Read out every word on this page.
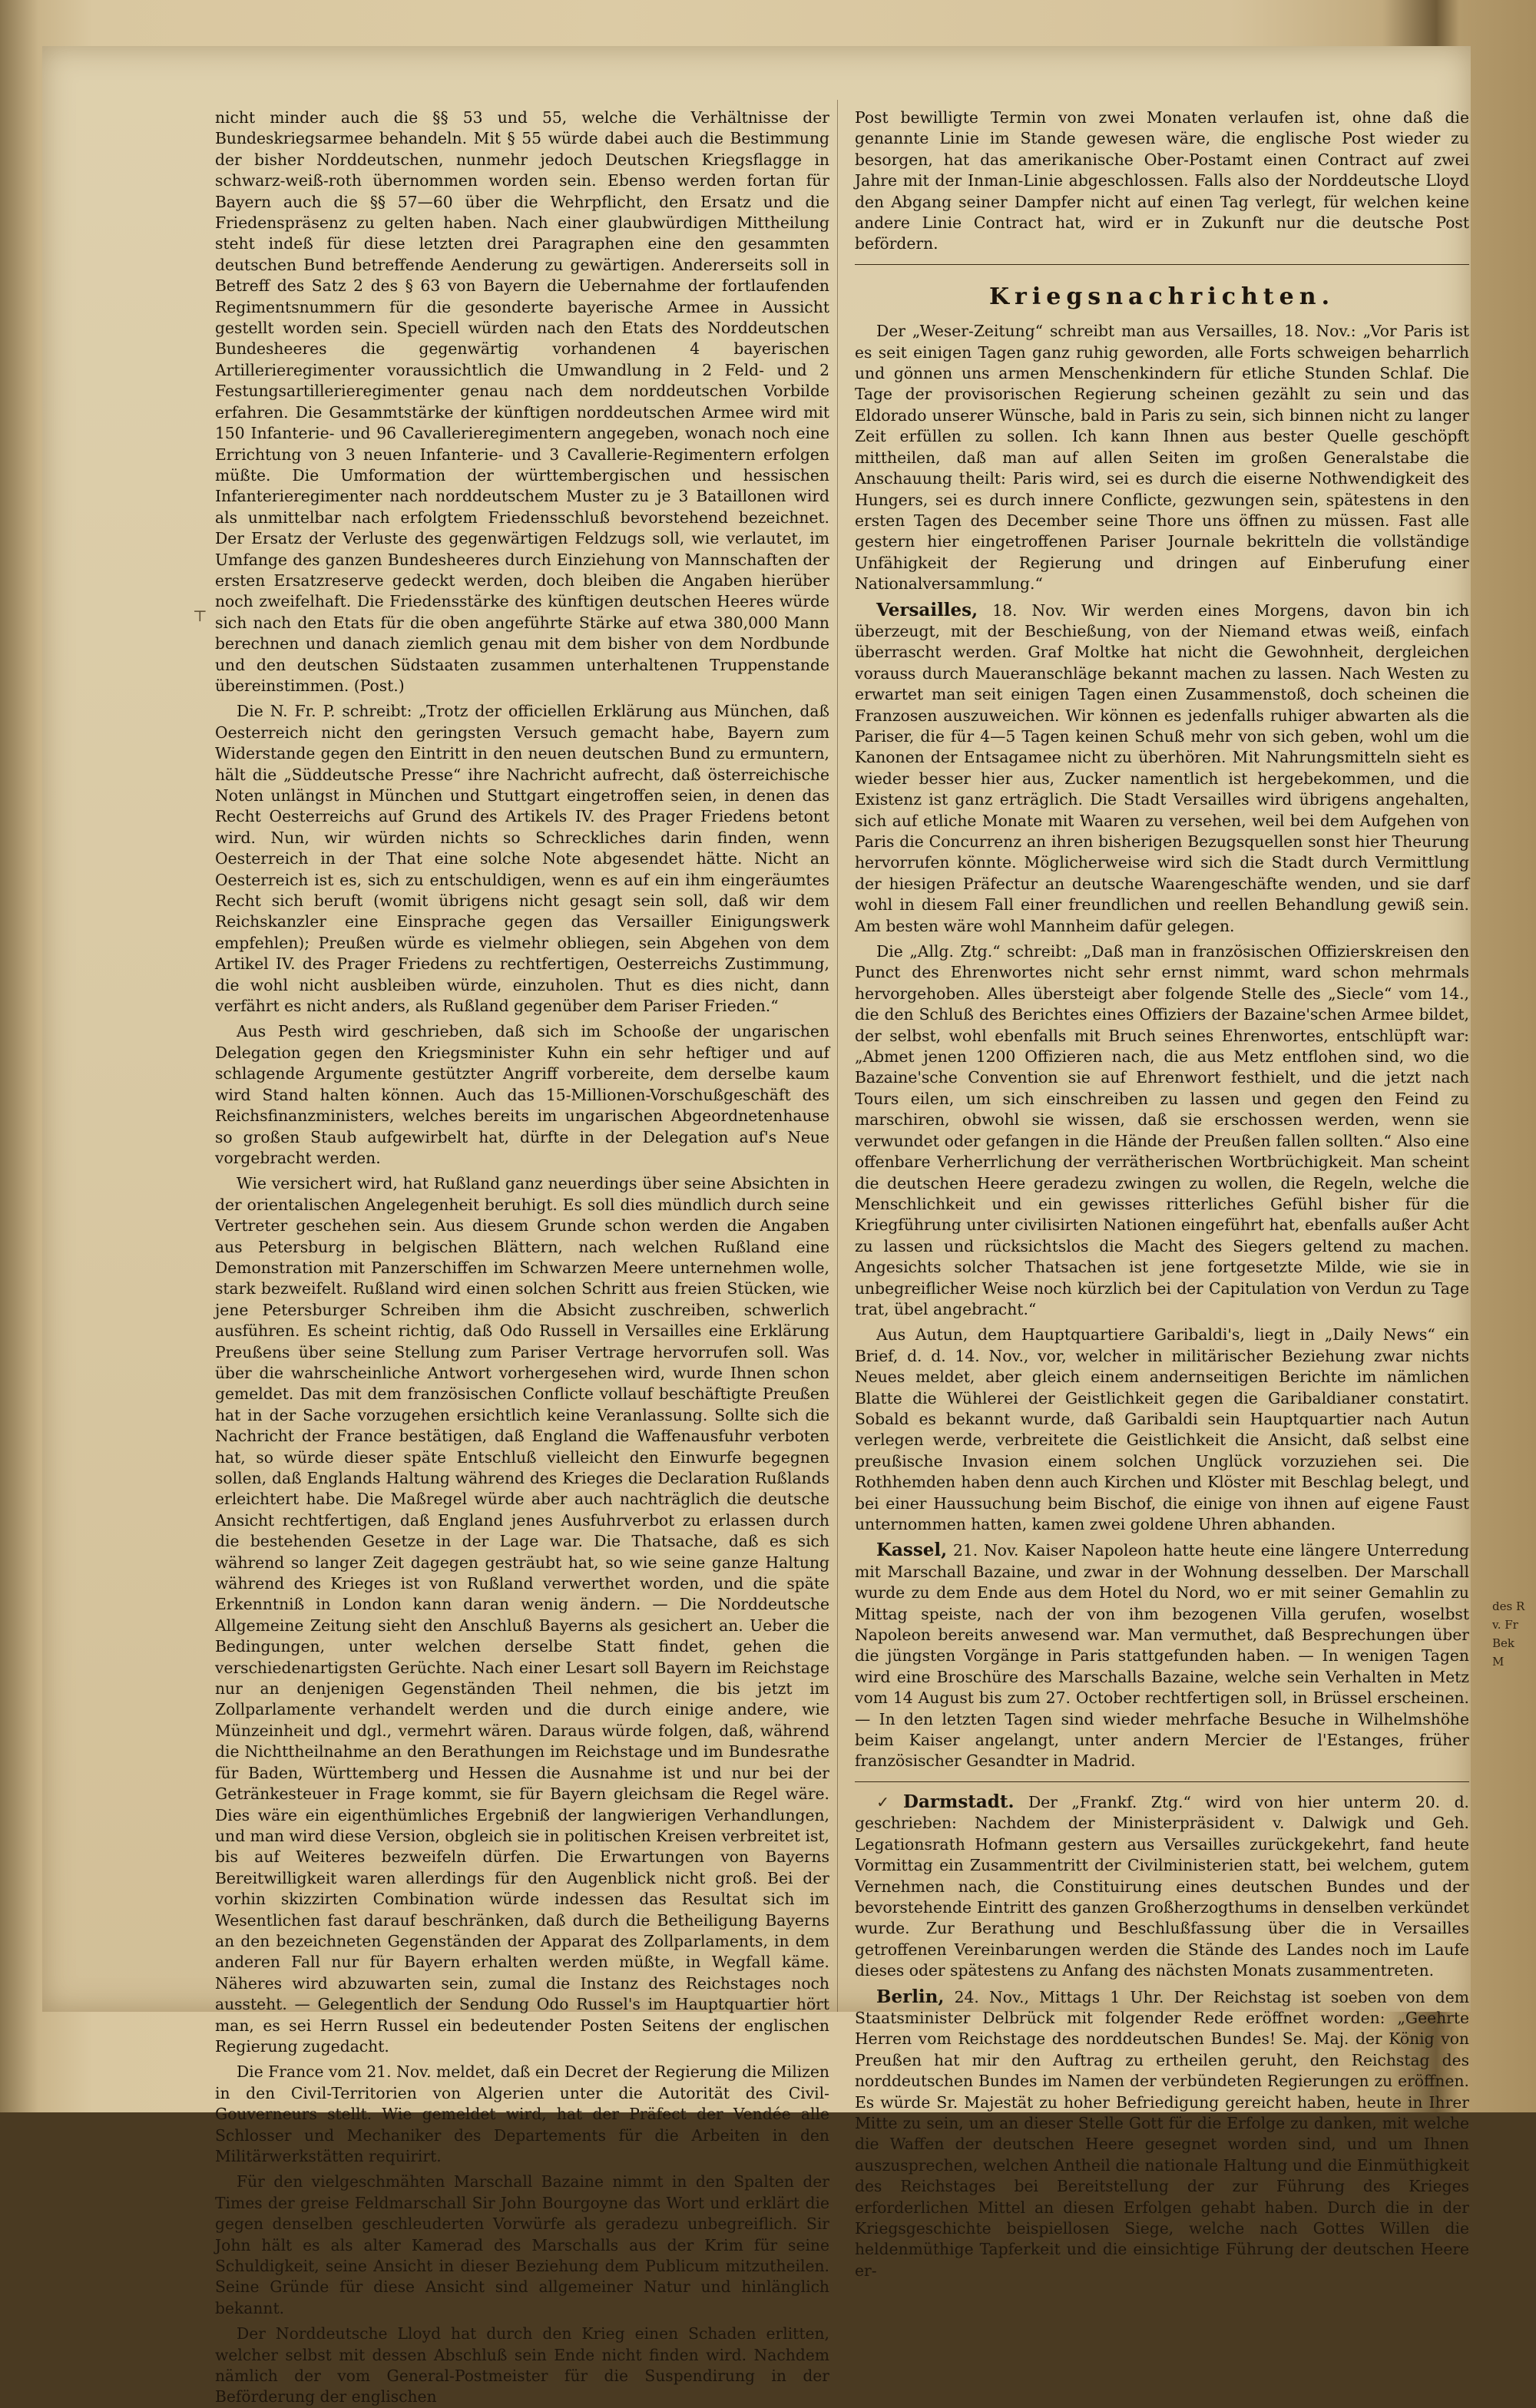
⊤

nicht minder auch die §§ 53 und 55, welche die Verhältnisse der Bundeskriegsarmee behandeln. Mit § 55 würde dabei auch die Bestimmung der bisher Norddeutschen, nunmehr jedoch Deutschen Kriegsflagge in schwarz-weiß-roth übernommen worden sein. Ebenso werden fortan für Bayern auch die §§ 57—60 über die Wehrpflicht, den Ersatz und die Friedenspräsenz zu gelten haben. Nach einer glaubwürdigen Mittheilung steht indeß für diese letzten drei Paragraphen eine den gesammten deutschen Bund betreffende Aenderung zu gewärtigen. Andererseits soll in Betreff des Satz 2 des § 63 von Bayern die Uebernahme der fortlaufenden Regimentsnummern für die gesonderte bayerische Armee in Aussicht gestellt worden sein. Speciell würden nach den Etats des Norddeutschen Bundesheeres die gegenwärtig vorhandenen 4 bayerischen Artillerieregimenter voraussichtlich die Umwandlung in 2 Feld- und 2 Festungsartillerieregimenter genau nach dem norddeutschen Vorbilde erfahren. Die Gesammtstärke der künftigen norddeutschen Armee wird mit 150 Infanterie- und 96 Cavallerieregimentern angegeben, wonach noch eine Errichtung von 3 neuen Infanterie- und 3 Cavallerie-Regimentern erfolgen müßte. Die Umformation der württembergischen und hessischen Infanterieregimenter nach norddeutschem Muster zu je 3 Bataillonen wird als unmittelbar nach erfolgtem Friedensschluß bevorstehend bezeichnet. Der Ersatz der Verluste des gegenwärtigen Feldzugs soll, wie verlautet, im Umfange des ganzen Bundesheeres durch Einziehung von Mannschaften der ersten Ersatzreserve gedeckt werden, doch bleiben die Angaben hierüber noch zweifelhaft. Die Friedensstärke des künftigen deutschen Heeres würde sich nach den Etats für die oben angeführte Stärke auf etwa 380,000 Mann berechnen und danach ziemlich genau mit dem bisher von dem Nordbunde und den deutschen Südstaaten zusammen unterhaltenen Truppenstande übereinstimmen. (Post.)

Die N. Fr. P. schreibt: „Trotz der officiellen Erklärung aus München, daß Oesterreich nicht den geringsten Versuch gemacht habe, Bayern zum Widerstande gegen den Eintritt in den neuen deutschen Bund zu ermuntern, hält die „Süddeutsche Presse“ ihre Nachricht aufrecht, daß österreichische Noten unlängst in München und Stuttgart eingetroffen seien, in denen das Recht Oesterreichs auf Grund des Artikels IV. des Prager Friedens betont wird. Nun, wir würden nichts so Schreckliches darin finden, wenn Oesterreich in der That eine solche Note abgesendet hätte. Nicht an Oesterreich ist es, sich zu entschuldigen, wenn es auf ein ihm eingeräumtes Recht sich beruft (womit übrigens nicht gesagt sein soll, daß wir dem Reichskanzler eine Einsprache gegen das Versailler Einigungswerk empfehlen); Preußen würde es vielmehr obliegen, sein Abgehen von dem Artikel IV. des Prager Friedens zu rechtfertigen, Oesterreichs Zustimmung, die wohl nicht ausbleiben würde, einzuholen. Thut es dies nicht, dann verfährt es nicht anders, als Rußland gegenüber dem Pariser Frieden.“

Aus Pesth wird geschrieben, daß sich im Schooße der ungarischen Delegation gegen den Kriegsminister Kuhn ein sehr heftiger und auf schlagende Argumente gestützter Angriff vorbereite, dem derselbe kaum wird Stand halten können. Auch das 15-Millionen-Vorschußgeschäft des Reichsfinanzministers, welches bereits im ungarischen Abgeordnetenhause so großen Staub aufgewirbelt hat, dürfte in der Delegation auf's Neue vorgebracht werden.

Wie versichert wird, hat Rußland ganz neuerdings über seine Absichten in der orientalischen Angelegenheit beruhigt. Es soll dies mündlich durch seine Vertreter geschehen sein. Aus diesem Grunde schon werden die Angaben aus Petersburg in belgischen Blättern, nach welchen Rußland eine Demonstration mit Panzerschiffen im Schwarzen Meere unternehmen wolle, stark bezweifelt. Rußland wird einen solchen Schritt aus freien Stücken, wie jene Petersburger Schreiben ihm die Absicht zuschreiben, schwerlich ausführen. Es scheint richtig, daß Odo Russell in Versailles eine Erklärung Preußens über seine Stellung zum Pariser Vertrage hervorrufen soll. Was über die wahrscheinliche Antwort vorhergesehen wird, wurde Ihnen schon gemeldet. Das mit dem französischen Conflicte vollauf beschäftigte Preußen hat in der Sache vorzugehen ersichtlich keine Veranlassung. Sollte sich die Nachricht der France bestätigen, daß England die Waffenausfuhr verboten hat, so würde dieser späte Entschluß vielleicht den Einwurfe begegnen sollen, daß Englands Haltung während des Krieges die Declaration Rußlands erleichtert habe. Die Maßregel würde aber auch nachträglich die deutsche Ansicht rechtfertigen, daß England jenes Ausfuhrverbot zu erlassen durch die bestehenden Gesetze in der Lage war. Die Thatsache, daß es sich während so langer Zeit dagegen gesträubt hat, so wie seine ganze Haltung während des Krieges ist von Rußland verwerthet worden, und die späte Erkenntniß in London kann daran wenig ändern. — Die Norddeutsche Allgemeine Zeitung sieht den Anschluß Bayerns als gesichert an. Ueber die Bedingungen, unter welchen derselbe Statt findet, gehen die verschiedenartigsten Gerüchte. Nach einer Lesart soll Bayern im Reichstage nur an denjenigen Gegenständen Theil nehmen, die bis jetzt im Zollparlamente verhandelt werden und die durch einige andere, wie Münzeinheit und dgl., vermehrt wären. Daraus würde folgen, daß, während die Nichttheilnahme an den Berathungen im Reichstage und im Bundesrathe für Baden, Württemberg und Hessen die Ausnahme ist und nur bei der Getränkesteuer in Frage kommt, sie für Bayern gleichsam die Regel wäre. Dies wäre ein eigenthümliches Ergebniß der langwierigen Verhandlungen, und man wird diese Version, obgleich sie in politischen Kreisen verbreitet ist, bis auf Weiteres bezweifeln dürfen. Die Erwartungen von Bayerns Bereitwilligkeit waren allerdings für den Augenblick nicht groß. Bei der vorhin skizzirten Combination würde indessen das Resultat sich im Wesentlichen fast darauf beschränken, daß durch die Betheiligung Bayerns an den bezeichneten Gegenständen der Apparat des Zollparlaments, in dem anderen Fall nur für Bayern erhalten werden müßte, in Wegfall käme. Näheres wird abzuwarten sein, zumal die Instanz des Reichstages noch aussteht. — Gelegentlich der Sendung Odo Russel's im Hauptquartier hört man, es sei Herrn Russel ein bedeutender Posten Seitens der englischen Regierung zugedacht.

Die France vom 21. Nov. meldet, daß ein Decret der Regierung die Milizen in den Civil-Territorien von Algerien unter die Autorität des Civil-Gouverneurs stellt. Wie gemeldet wird, hat der Präfect der Vendée alle Schlosser und Mechaniker des Departements für die Arbeiten in den Militärwerkstätten requirirt.

Für den vielgeschmähten Marschall Bazaine nimmt in den Spalten der Times der greise Feldmarschall Sir John Bourgoyne das Wort und erklärt die gegen denselben geschleuderten Vorwürfe als geradezu unbegreiflich. Sir John hält es als alter Kamerad des Marschalls aus der Krim für seine Schuldigkeit, seine Ansicht in dieser Beziehung dem Publicum mitzutheilen. Seine Gründe für diese Ansicht sind allgemeiner Natur und hinlänglich bekannt.

Der Norddeutsche Lloyd hat durch den Krieg einen Schaden erlitten, welcher selbst mit dessen Abschluß sein Ende nicht finden wird. Nachdem nämlich der vom General-Postmeister für die Suspendirung in der Beförderung der englischen

Post bewilligte Termin von zwei Monaten verlaufen ist, ohne daß die genannte Linie im Stande gewesen wäre, die englische Post wieder zu besorgen, hat das amerikanische Ober-Postamt einen Contract auf zwei Jahre mit der Inman-Linie abgeschlossen. Falls also der Norddeutsche Lloyd den Abgang seiner Dampfer nicht auf einen Tag verlegt, für welchen keine andere Linie Contract hat, wird er in Zukunft nur die deutsche Post befördern.

Kriegsnachrichten.

Der „Weser-Zeitung“ schreibt man aus Versailles, 18. Nov.: „Vor Paris ist es seit einigen Tagen ganz ruhig geworden, alle Forts schweigen beharrlich und gönnen uns armen Menschenkindern für etliche Stunden Schlaf. Die Tage der provisorischen Regierung scheinen gezählt zu sein und das Eldorado unserer Wünsche, bald in Paris zu sein, sich binnen nicht zu langer Zeit erfüllen zu sollen. Ich kann Ihnen aus bester Quelle geschöpft mittheilen, daß man auf allen Seiten im großen Generalstabe die Anschauung theilt: Paris wird, sei es durch die eiserne Nothwendigkeit des Hungers, sei es durch innere Conflicte, gezwungen sein, spätestens in den ersten Tagen des December seine Thore uns öffnen zu müssen. Fast alle gestern hier eingetroffenen Pariser Journale bekritteln die vollständige Unfähigkeit der Regierung und dringen auf Einberufung einer Nationalversammlung.“

Versailles, 18. Nov. Wir werden eines Morgens, davon bin ich überzeugt, mit der Beschießung, von der Niemand etwas weiß, einfach überrascht werden. Graf Moltke hat nicht die Gewohnheit, dergleichen vorauss durch Maueranschläge bekannt machen zu lassen. Nach Westen zu erwartet man seit einigen Tagen einen Zusammenstoß, doch scheinen die Franzosen auszuweichen. Wir können es jedenfalls ruhiger abwarten als die Pariser, die für 4—5 Tagen keinen Schuß mehr von sich geben, wohl um die Kanonen der Entsagamee nicht zu überhören. Mit Nahrungsmitteln sieht es wieder besser hier aus, Zucker namentlich ist hergebekommen, und die Existenz ist ganz erträglich. Die Stadt Versailles wird übrigens angehalten, sich auf etliche Monate mit Waaren zu versehen, weil bei dem Aufgehen von Paris die Concurrenz an ihren bisherigen Bezugsquellen sonst hier Theurung hervorrufen könnte. Möglicherweise wird sich die Stadt durch Vermittlung der hiesigen Präfectur an deutsche Waarengeschäfte wenden, und sie darf wohl in diesem Fall einer freundlichen und reellen Behandlung gewiß sein. Am besten wäre wohl Mannheim dafür gelegen.

Die „Allg. Ztg.“ schreibt: „Daß man in französischen Offizierskreisen den Punct des Ehrenwortes nicht sehr ernst nimmt, ward schon mehrmals hervorgehoben. Alles übersteigt aber folgende Stelle des „Siecle“ vom 14., die den Schluß des Berichtes eines Offiziers der Bazaine'schen Armee bildet, der selbst, wohl ebenfalls mit Bruch seines Ehrenwortes, entschlüpft war: „Abmet jenen 1200 Offizieren nach, die aus Metz entflohen sind, wo die Bazaine'sche Convention sie auf Ehrenwort festhielt, und die jetzt nach Tours eilen, um sich einschreiben zu lassen und gegen den Feind zu marschiren, obwohl sie wissen, daß sie erschossen werden, wenn sie verwundet oder gefangen in die Hände der Preußen fallen sollten.“ Also eine offenbare Verherrlichung der verrätherischen Wortbrüchigkeit. Man scheint die deutschen Heere geradezu zwingen zu wollen, die Regeln, welche die Menschlichkeit und ein gewisses ritterliches Gefühl bisher für die Kriegführung unter civilisirten Nationen eingeführt hat, ebenfalls außer Acht zu lassen und rücksichtslos die Macht des Siegers geltend zu machen. Angesichts solcher Thatsachen ist jene fortgesetzte Milde, wie sie in unbegreiflicher Weise noch kürzlich bei der Capitulation von Verdun zu Tage trat, übel angebracht.“

Aus Autun, dem Hauptquartiere Garibaldi's, liegt in „Daily News“ ein Brief, d. d. 14. Nov., vor, welcher in militärischer Beziehung zwar nichts Neues meldet, aber gleich einem andernseitigen Berichte im nämlichen Blatte die Wühlerei der Geistlichkeit gegen die Garibaldianer constatirt. Sobald es bekannt wurde, daß Garibaldi sein Hauptquartier nach Autun verlegen werde, verbreitete die Geistlichkeit die Ansicht, daß selbst eine preußische Invasion einem solchen Unglück vorzuziehen sei. Die Rothhemden haben denn auch Kirchen und Klöster mit Beschlag belegt, und bei einer Haussuchung beim Bischof, die einige von ihnen auf eigene Faust unternommen hatten, kamen zwei goldene Uhren abhanden.

Kassel, 21. Nov. Kaiser Napoleon hatte heute eine längere Unterredung mit Marschall Bazaine, und zwar in der Wohnung desselben. Der Marschall wurde zu dem Ende aus dem Hotel du Nord, wo er mit seiner Gemahlin zu Mittag speiste, nach der von ihm bezogenen Villa gerufen, woselbst Napoleon bereits anwesend war. Man vermuthet, daß Besprechungen über die jüngsten Vorgänge in Paris stattgefunden haben. — In wenigen Tagen wird eine Broschüre des Marschalls Bazaine, welche sein Verhalten in Metz vom 14 August bis zum 27. October rechtfertigen soll, in Brüssel erscheinen. — In den letzten Tagen sind wieder mehrfache Besuche in Wilhelmshöhe beim Kaiser angelangt, unter andern Mercier de l'Estanges, früher französischer Gesandter in Madrid.

✓ Darmstadt. Der „Frankf. Ztg.“ wird von hier unterm 20. d. geschrieben: Nachdem der Ministerpräsident v. Dalwigk und Geh. Legationsrath Hofmann gestern aus Versailles zurückgekehrt, fand heute Vormittag ein Zusammentritt der Civilministerien statt, bei welchem, gutem Vernehmen nach, die Constituirung eines deutschen Bundes und der bevorstehende Eintritt des ganzen Großherzogthums in denselben verkündet wurde. Zur Berathung und Beschlußfassung über die in Versailles getroffenen Vereinbarungen werden die Stände des Landes noch im Laufe dieses oder spätestens zu Anfang des nächsten Monats zusammentreten.

Berlin, 24. Nov., Mittags 1 Uhr. Der Reichstag ist soeben von dem Staatsminister Delbrück mit folgender Rede eröffnet worden: „Geehrte Herren vom Reichstage des norddeutschen Bundes! Se. Maj. der König von Preußen hat mir den Auftrag zu ertheilen geruht, den Reichstag des norddeutschen Bundes im Namen der verbündeten Regierungen zu eröffnen. Es würde Sr. Majestät zu hoher Befriedigung gereicht haben, heute in Ihrer Mitte zu sein, um an dieser Stelle Gott für die Erfolge zu danken, mit welche die Waffen der deutschen Heere gesegnet worden sind, und um Ihnen auszusprechen, welchen Antheil die nationale Haltung und die Einmüthigkeit des Reichstages bei Bereitstellung der zur Führung des Krieges erforderlichen Mittel an diesen Erfolgen gehabt haben. Durch die in der Kriegsgeschichte beispiellosen Siege, welche nach Gottes Willen die heldenmüthige Tapferkeit und die einsichtige Führung der deutschen Heere er-

des R
v. Fr
Bek
M
